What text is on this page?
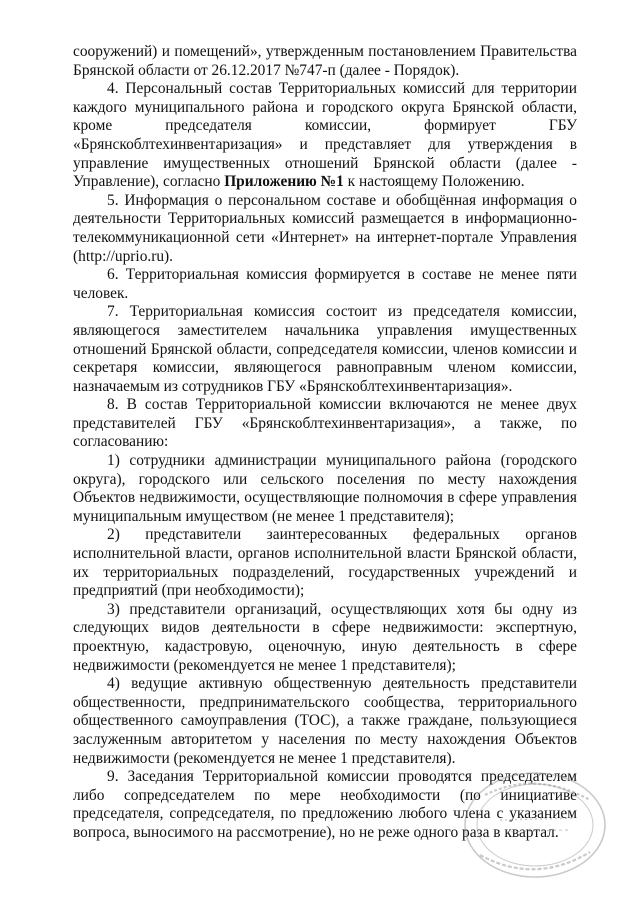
сооружений) и помещений», утвержденным постановлением Правительства Брянской области от 26.12.2017 №747-п (далее - Порядок).

4. Персональный состав Территориальных комиссий для территории каждого муниципального района и городского округа Брянской области, кроме председателя комиссии, формирует ГБУ «Брянскоблтехинвентаризация» и представляет для утверждения в управление имущественных отношений Брянской области (далее - Управление), согласно Приложению №1 к настоящему Положению.

5. Информация о персональном составе и обобщённая информация о деятельности Территориальных комиссий размещается в информационно-телекоммуникационной сети «Интернет» на интернет-портале Управления (http://uprio.ru).

6. Территориальная комиссия формируется в составе не менее пяти человек.

7. Территориальная комиссия состоит из председателя комиссии, являющегося заместителем начальника управления имущественных отношений Брянской области, сопредседателя комиссии, членов комиссии и секретаря комиссии, являющегося равноправным членом комиссии, назначаемым из сотрудников ГБУ «Брянскоблтехинвентаризация».

8. В состав Территориальной комиссии включаются не менее двух представителей ГБУ «Брянскоблтехинвентаризация», а также, по согласованию:

1) сотрудники администрации муниципального района (городского округа), городского или сельского поселения по месту нахождения Объектов недвижимости, осуществляющие полномочия в сфере управления муниципальным имуществом (не менее 1 представителя);

2) представители заинтересованных федеральных органов исполнительной власти, органов исполнительной власти Брянской области, их территориальных подразделений, государственных учреждений и предприятий (при необходимости);

3) представители организаций, осуществляющих хотя бы одну из следующих видов деятельности в сфере недвижимости: экспертную, проектную, кадастровую, оценочную, иную деятельность в сфере недвижимости (рекомендуется не менее 1 представителя);

4) ведущие активную общественную деятельность представители общественности, предпринимательского сообщества, территориального общественного самоуправления (ТОС), а также граждане, пользующиеся заслуженным авторитетом у населения по месту нахождения Объектов недвижимости (рекомендуется не менее 1 представителя).

9. Заседания Территориальной комиссии проводятся председателем либо сопредседателем по мере необходимости (по инициативе председателя, сопредседателя, по предложению любого члена с указанием вопроса, выносимого на рассмотрение), но не реже одного раза в квартал.
